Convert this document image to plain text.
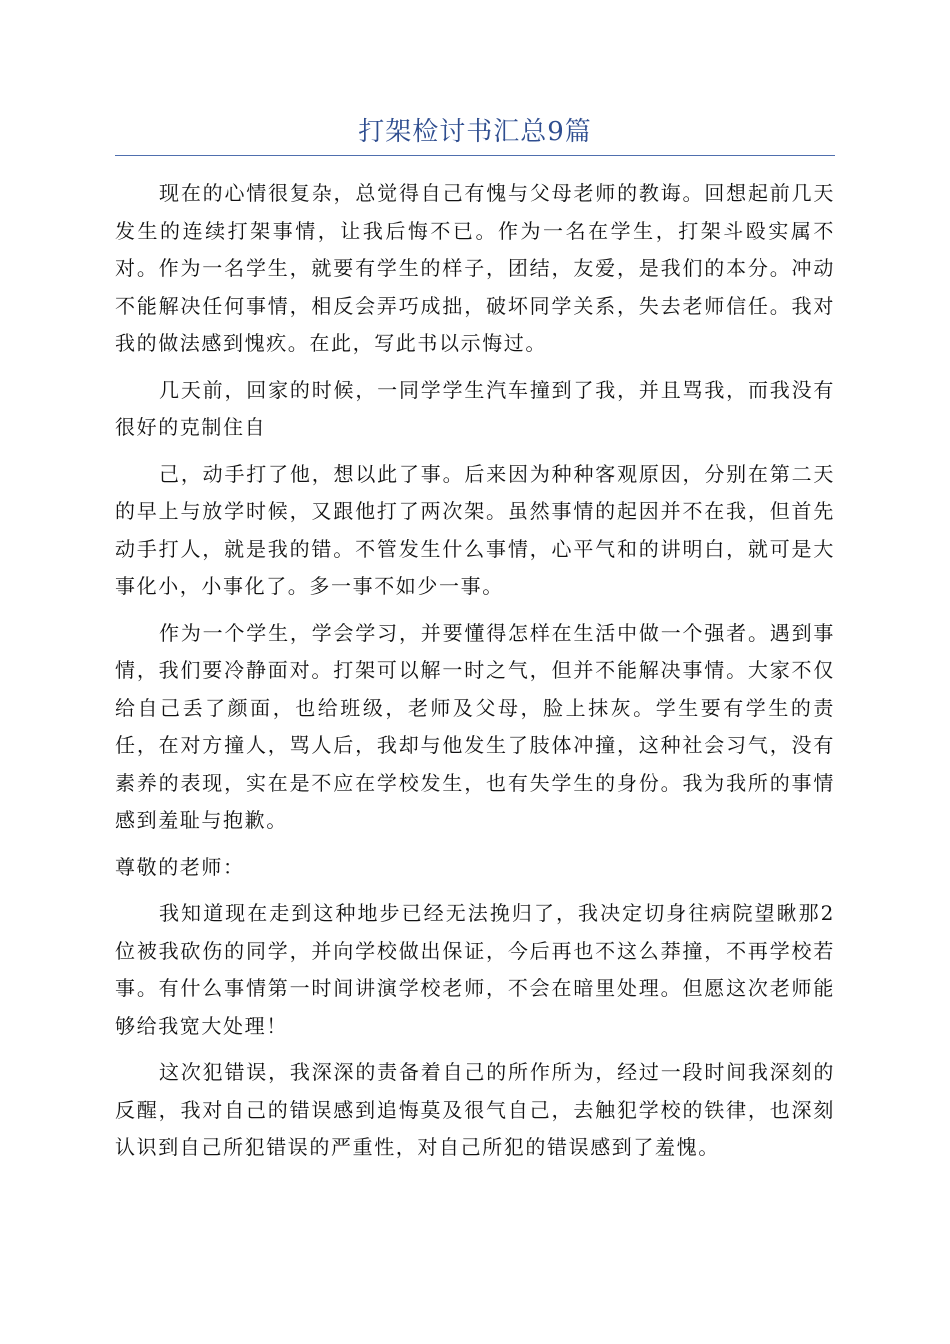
打架检讨书汇总9篇

现在的心情很复杂，总觉得自己有愧与父母老师的教诲。回想起前几天发生的连续打架事情，让我后悔不已。作为一名在学生，打架斗殴实属不对。作为一名学生，就要有学生的样子，团结，友爱，是我们的本分。冲动不能解决任何事情，相反会弄巧成拙，破坏同学关系，失去老师信任。我对我的做法感到愧疚。在此，写此书以示悔过。

几天前，回家的时候，一同学学生汽车撞到了我，并且骂我，而我没有很好的克制住自

己，动手打了他，想以此了事。后来因为种种客观原因，分别在第二天的早上与放学时候，又跟他打了两次架。虽然事情的起因并不在我，但首先动手打人，就是我的错。不管发生什么事情，心平气和的讲明白，就可是大事化小，小事化了。多一事不如少一事。

作为一个学生，学会学习，并要懂得怎样在生活中做一个强者。遇到事情，我们要冷静面对。打架可以解一时之气，但并不能解决事情。大家不仅给自己丢了颜面，也给班级，老师及父母，脸上抹灰。学生要有学生的责任，在对方撞人，骂人后，我却与他发生了肢体冲撞，这种社会习气，没有素养的表现，实在是不应在学校发生，也有失学生的身份。我为我所的事情感到羞耻与抱歉。

尊敬的老师：

我知道现在走到这种地步已经无法挽归了，我决定切身往病院望瞅那2位被我砍伤的同学，并向学校做出保证，今后再也不这么莽撞，不再学校若事。有什么事情第一时间讲演学校老师，不会在暗里处理。但愿这次老师能够给我宽大处理！

这次犯错误，我深深的责备着自己的所作所为，经过一段时间我深刻的反醒，我对自己的错误感到追悔莫及很气自己，去触犯学校的铁律，也深刻认识到自己所犯错误的严重性，对自己所犯的错误感到了羞愧。
